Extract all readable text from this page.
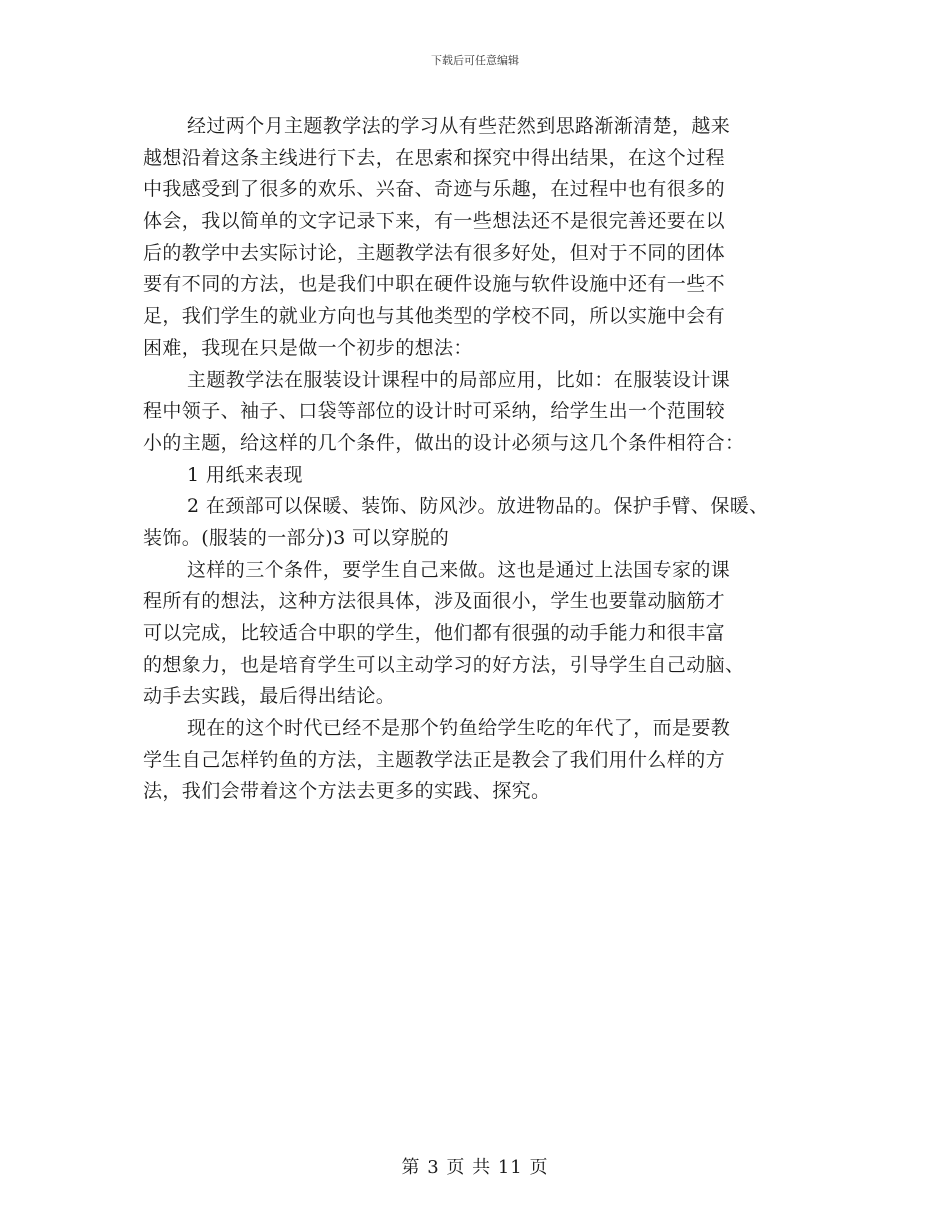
下载后可任意编辑
经过两个月主题教学法的学习从有些茫然到思路渐渐清楚，越来
越想沿着这条主线进行下去，在思索和探究中得出结果，在这个过程
中我感受到了很多的欢乐、兴奋、奇迹与乐趣，在过程中也有很多的
体会，我以简单的文字记录下来，有一些想法还不是很完善还要在以
后的教学中去实际讨论，主题教学法有很多好处，但对于不同的团体
要有不同的方法，也是我们中职在硬件设施与软件设施中还有一些不
足，我们学生的就业方向也与其他类型的学校不同，所以实施中会有
困难，我现在只是做一个初步的想法：
主题教学法在服装设计课程中的局部应用，比如：在服装设计课
程中领子、袖子、口袋等部位的设计时可采纳，给学生出一个范围较
小的主题，给这样的几个条件，做出的设计必须与这几个条件相符合：
1 用纸来表现
2 在颈部可以保暖、装饰、防风沙。放进物品的。保护手臂、保暖、
装饰。(服装的一部分)3 可以穿脱的
这样的三个条件，要学生自己来做。这也是通过上法国专家的课
程所有的想法，这种方法很具体，涉及面很小，学生也要靠动脑筋才
可以完成，比较适合中职的学生，他们都有很强的动手能力和很丰富
的想象力，也是培育学生可以主动学习的好方法，引导学生自己动脑、
动手去实践，最后得出结论。
现在的这个时代已经不是那个钓鱼给学生吃的年代了，而是要教
学生自己怎样钓鱼的方法，主题教学法正是教会了我们用什么样的方
法，我们会带着这个方法去更多的实践、探究。
第 3 页 共 11 页
